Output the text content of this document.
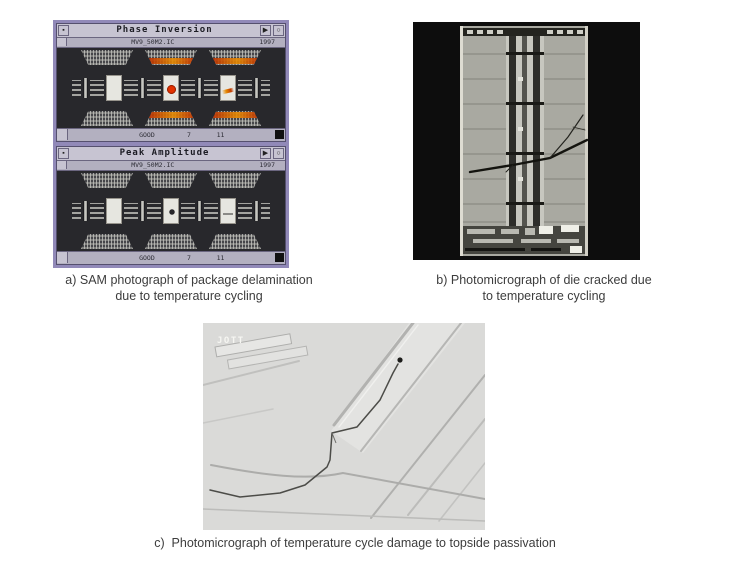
▪	Phase Inversion	▶	○
MV9_50M2.IC	1997
GOOD	7	11
▪	Peak Amplitude	▶	○
MV9_50M2.IC	1997
GOOD	7	11
JOTT
a) SAM photograph of package delamination
due to temperature cycling
b) Photomicrograph of die cracked due
to temperature cycling
c)  Photomicrograph of temperature cycle damage to topside passivation
